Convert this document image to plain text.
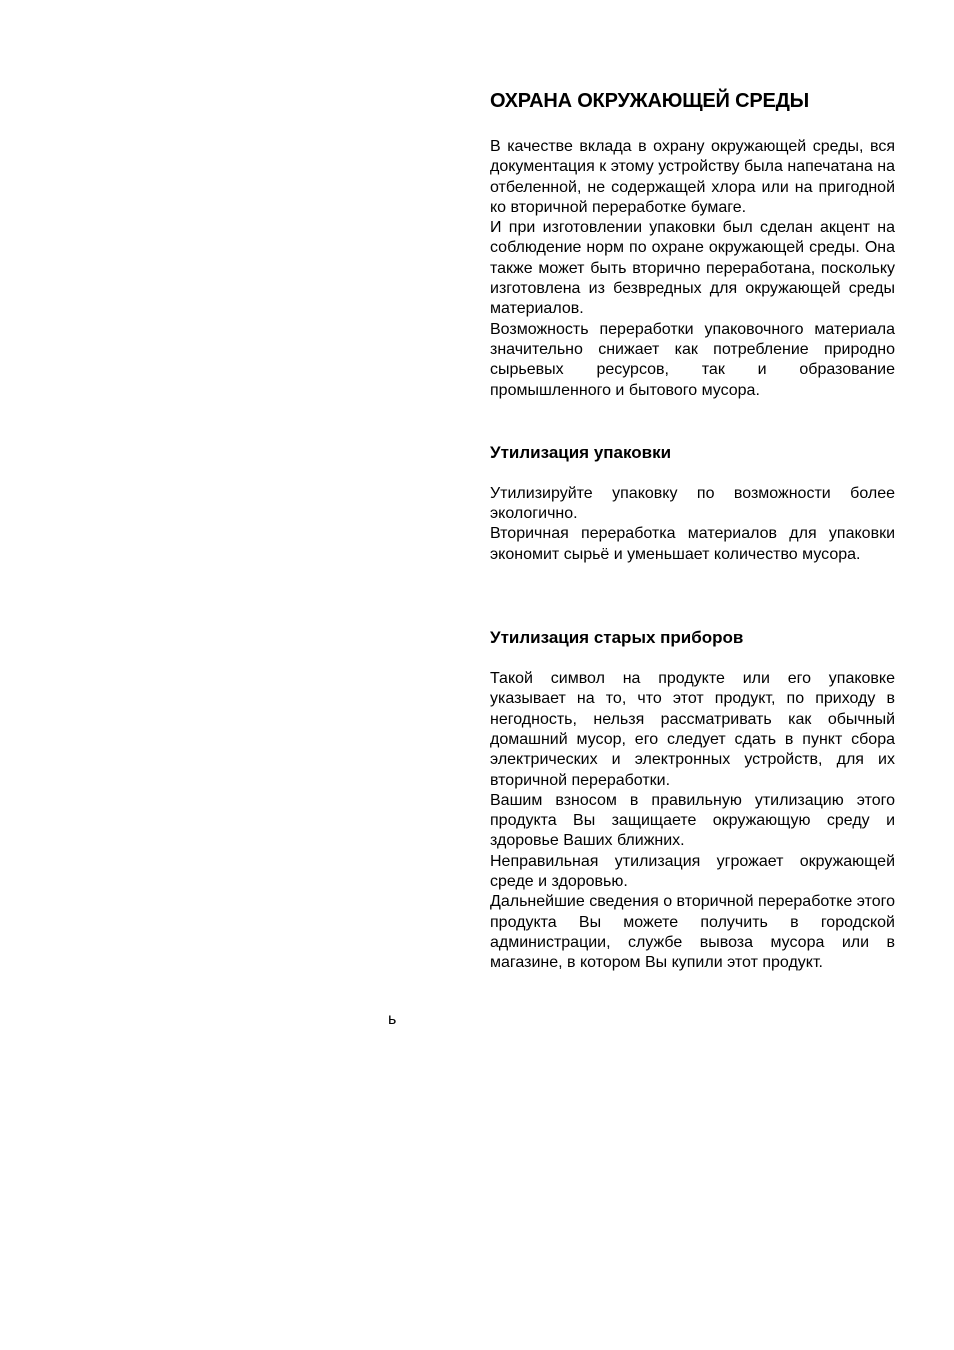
ОХРАНА ОКРУЖАЮЩЕЙ СРЕДЫ

В качестве вклада в охрану окружающей среды, вся документация к этому устройству была напечатана на отбеленной, не содержащей хлора или на пригодной ко вторичной переработке бумаге.

И при изготовлении упаковки был сделан акцент на соблюдение норм по охране окружающей среды. Она также может быть вторично переработана, поскольку изготовлена из безвредных для окружающей среды материалов.

Возможность переработки упаковочного материала значительно снижает как потребление природно сырьевых ресурсов, так и образование промышленного и бытового мусора.

Утилизация упаковки

Утилизируйте упаковку по возможности более экологично.

Вторичная переработка материалов для упаковки экономит сырьё и уменьшает количество мусора.

Утилизация старых приборов

Такой символ на продукте или его упаковке указывает на то, что этот продукт, по приходу в негодность, нельзя рассматривать как обычный домашний мусор, его следует сдать в пункт сбора электрических и электронных устройств, для их вторичной переработки.

Вашим взносом в правильную утилизацию этого продукта Вы защищаете окружающую среду и здоровье Ваших ближних.

Неправильная утилизация угрожает окружающей среде и здоровью.

Дальнейшие сведения о вторичной переработке этого продукта Вы можете получить в городской администрации, службе вывоза мусора или в магазине, в котором Вы купили этот продукт.

ь
